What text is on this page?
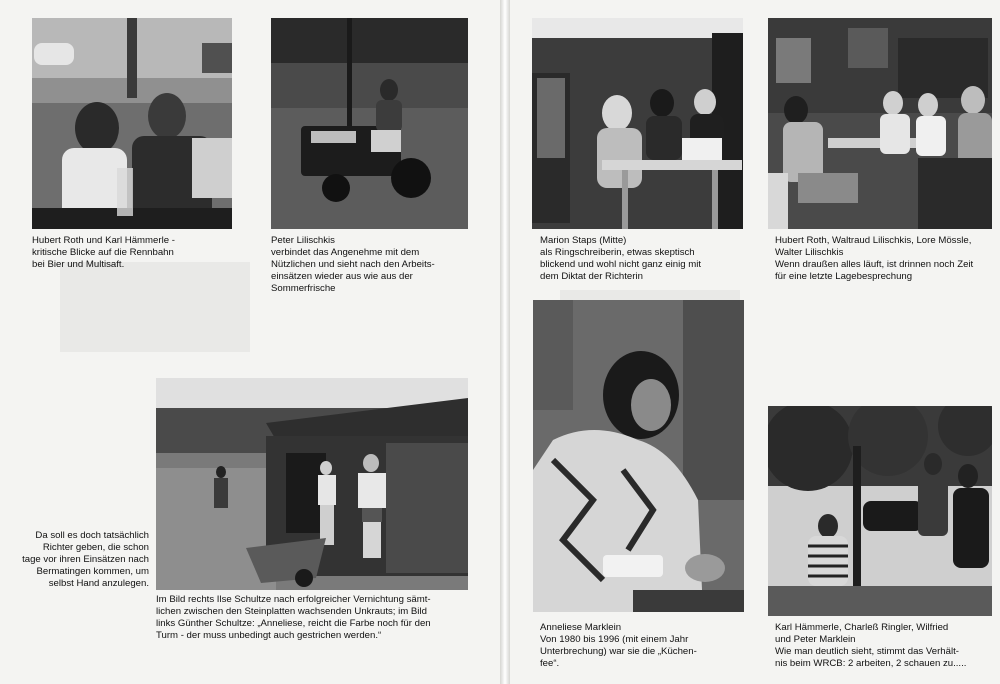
Hubert Roth und Karl Hämmerle -
kritische Blicke auf die Rennbahn
bei Bier und Multisaft.
Peter Lilischkis
verbindet das Angenehme mit dem
Nützlichen und sieht nach den Arbeits-
einsätzen wieder aus wie aus der
Sommerfrische
Da soll es doch tatsächlich
Richter geben, die schon
tage vor ihren Einsätzen nach
Bermatingen kommen, um
selbst Hand anzulegen.
Im Bild rechts Ilse Schultze nach erfolgreicher Vernichtung sämt-
lichen zwischen den Steinplatten wachsenden Unkrauts; im Bild
links Günther Schultze: „Anneliese, reicht die Farbe noch für den
Turm - der muss unbedingt auch gestrichen werden.“
Marion Staps (Mitte)
als Ringschreiberin, etwas skeptisch
blickend und wohl nicht ganz einig mit
dem Diktat der Richterin
Hubert Roth, Waltraud Lilischkis, Lore Mössle,
Walter Lilischkis
Wenn draußen alles läuft, ist drinnen noch Zeit
für eine letzte Lagebesprechung
Anneliese Marklein
Von 1980 bis 1996 (mit einem Jahr
Unterbrechung) war sie die „Küchen-
fee“.
Karl Hämmerle, Charleß Ringler, Wilfried
und Peter Marklein
Wie man deutlich sieht, stimmt das Verhält-
nis beim WRCB: 2 arbeiten, 2 schauen zu.....
